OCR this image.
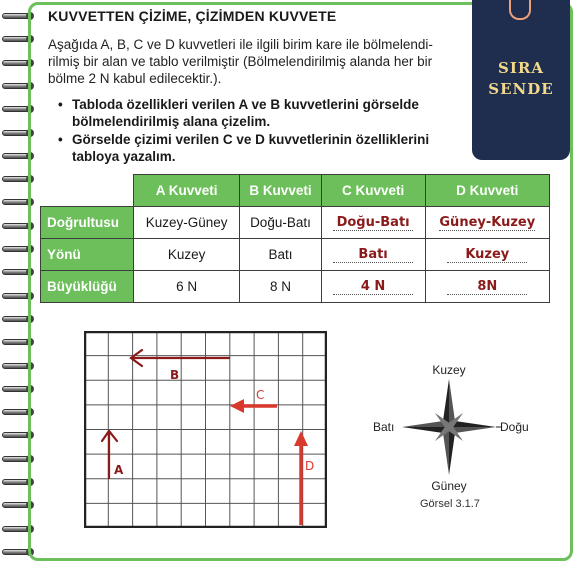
SIRA
SENDE
KUVVETTEN ÇİZİME, ÇİZİMDEN KUVVETE
Aşağıda A, B, C ve D kuvvetleri ile ilgili birim kare ile bölmelendi-
rilmiş bir alan ve tablo verilmiştir (Bölmelendirilmiş alanda her bir
bölme 2 N kabul edilecektir.).
• Tabloda özellikleri verilen A ve B kuvvetlerini görselde bölmelendirilmiş alana çizelim.
• Görselde çizimi verilen C ve D kuvvetlerinin özelliklerini tabloya yazalım.
	A Kuvveti	B Kuvveti	C Kuvveti	D Kuvveti
Doğrultusu	Kuzey-Güney	Doğu-Batı	Doğu-Batı	Güney-Kuzey
Yönü	Kuzey	Batı	Batı	Kuzey
Büyüklüğü	6 N	8 N	4 N	8N
A
B
C
D
Kuzey
Güney
Batı	Doğu
Görsel 3.1.7
